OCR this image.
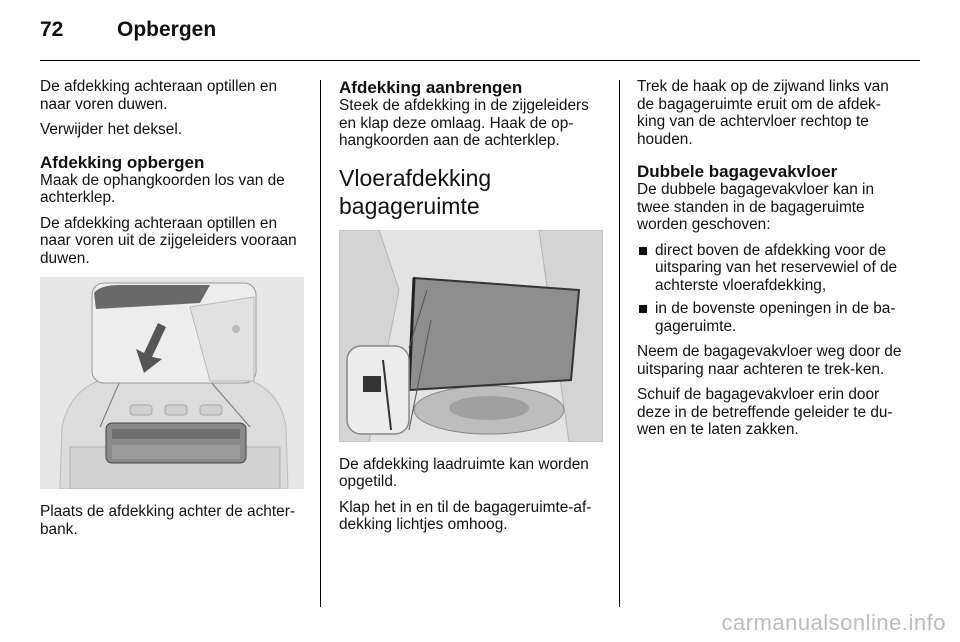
72	Opbergen

De afdekking achteraan optillen en naar voren duwen.

Verwijder het deksel.

Afdekking opbergen

Maak de ophangkoorden los van de achterklep.

De afdekking achteraan optillen en naar voren uit de zijgeleiders vooraan duwen.

Plaats de afdekking achter de achter-bank.

Afdekking aanbrengen

Steek de afdekking in de zijgeleiders en klap deze omlaag. Haak de op-hangkoorden aan de achterklep.

Vloerafdekking bagageruimte

De afdekking laadruimte kan worden opgetild.

Klap het in en til de bagageruimte-af-dekking lichtjes omhoog.

Trek de haak op de zijwand links van de bagageruimte eruit om de afdek-king van de achtervloer rechtop te houden.

Dubbele bagagevakvloer

De dubbele bagagevakvloer kan in twee standen in de bagageruimte worden geschoven:

direct boven de afdekking voor de uitsparing van het reservewiel of de achterste vloerafdekking,
in de bovenste openingen in de ba-gageruimte.

Neem de bagagevakvloer weg door de uitsparing naar achteren te trek-ken.

Schuif de bagagevakvloer erin door deze in de betreffende geleider te du-wen en te laten zakken.

carmanualsonline.info
